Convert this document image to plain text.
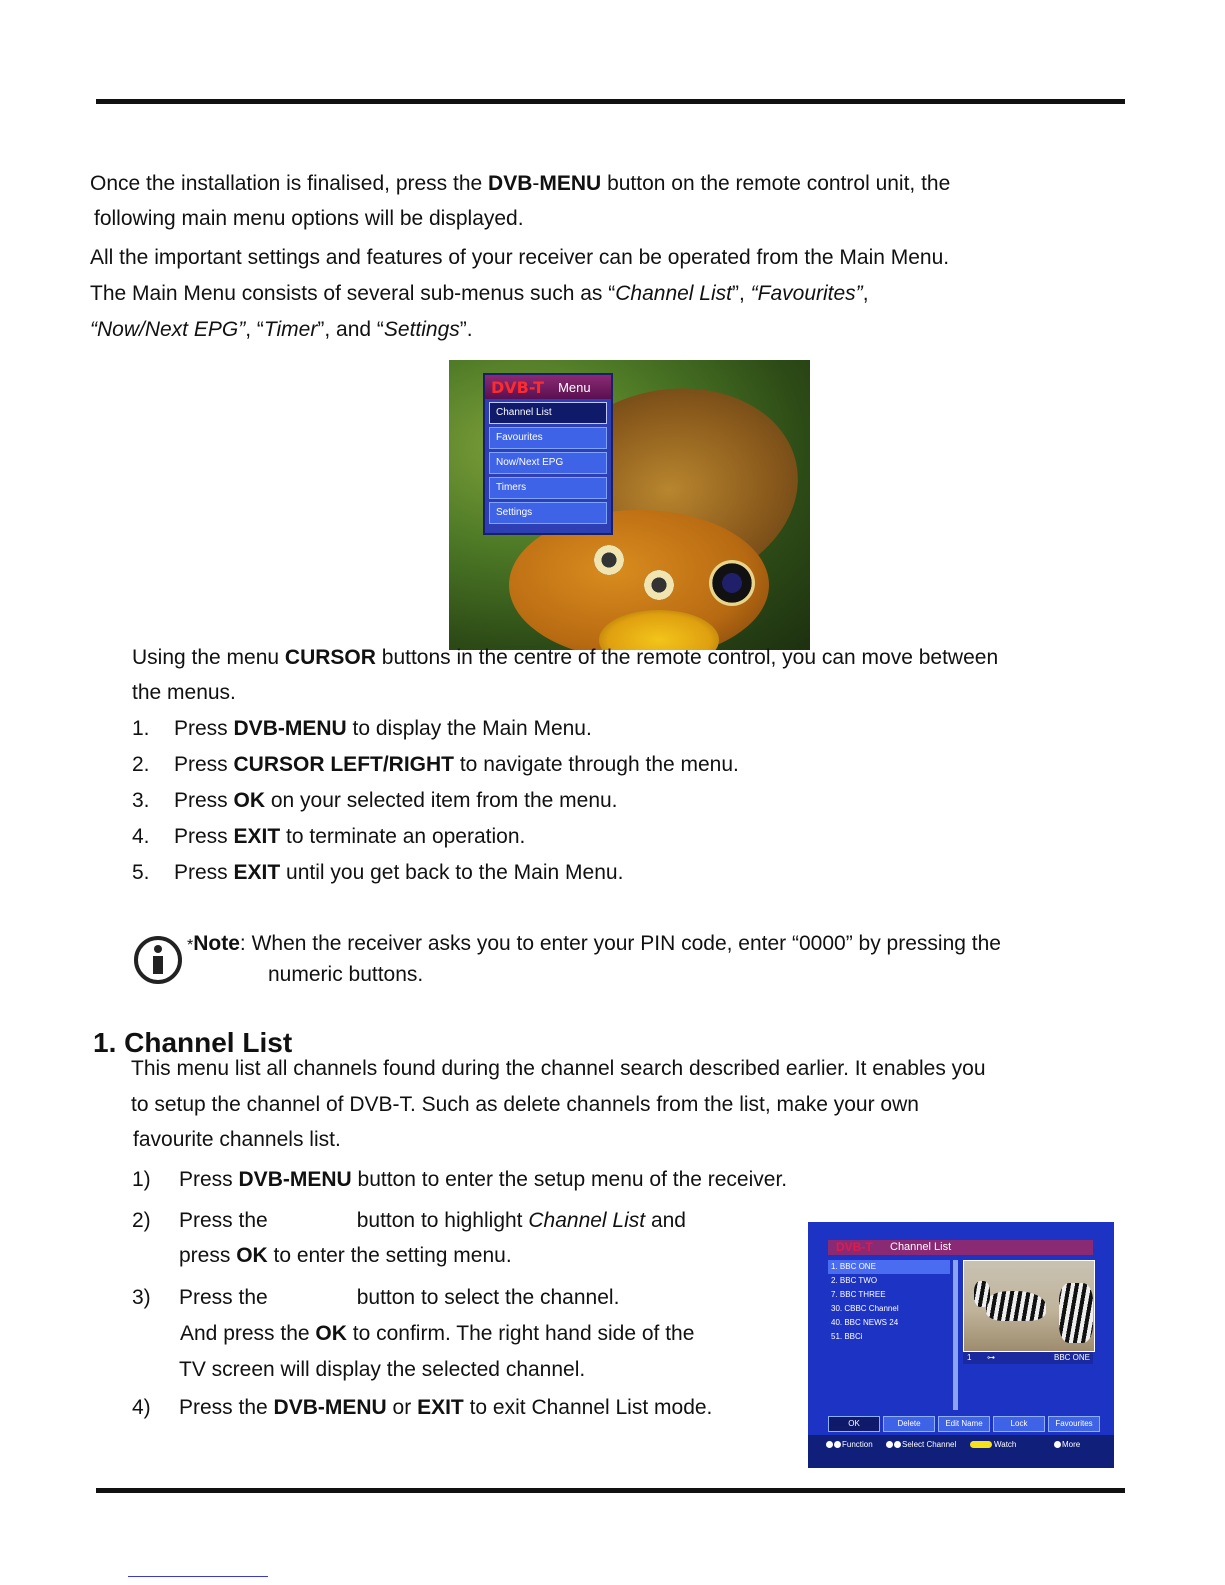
Once the installation is finalised, press the DVB-MENU button on the remote control unit, the
following main menu options will be displayed.
All the important settings and features of your receiver can be operated from the Main Menu.
The Main Menu consists of several sub-menus such as “Channel List”, “Favourites”,
“Now/Next EPG”, “Timer”, and “Settings”.
DVB-T Menu
Channel List
Favourites
Now/Next EPG
Timers
Settings
Using the menu CURSOR buttons in the centre of the remote control, you can move between
the menus.
1. Press DVB-MENU to display the Main Menu.
2. Press CURSOR LEFT/RIGHT to navigate through the menu.
3. Press OK on your selected item from the menu.
4. Press EXIT to terminate an operation.
5. Press EXIT until you get back to the Main Menu.
*Note: When the receiver asks you to enter your PIN code, enter “0000” by pressing the
numeric buttons.
1. Channel List
This menu list all channels found during the channel search described earlier. It enables you
to setup the channel of DVB-T. Such as delete channels from the list, make your own
favourite channels list.
1) Press DVB-MENU button to enter the setup menu of the receiver.
2) Press the	button to highlight Channel List and
press OK to enter the setting menu.
3) Press the	button to select the channel.
And press the OK to confirm. The right hand side of the
TV screen will display the selected channel.
4) Press the DVB-MENU or EXIT to exit Channel List mode.
DVB-T Channel List
1. BBC ONE
2. BBC TWO
7. BBC THREE
30. CBBC Channel
40. BBC NEWS 24
51. BBCi
1 ⊶	BBC ONE
OK	Delete	Edit Name	Lock	Favourites
Function	Select Channel	Watch	More
